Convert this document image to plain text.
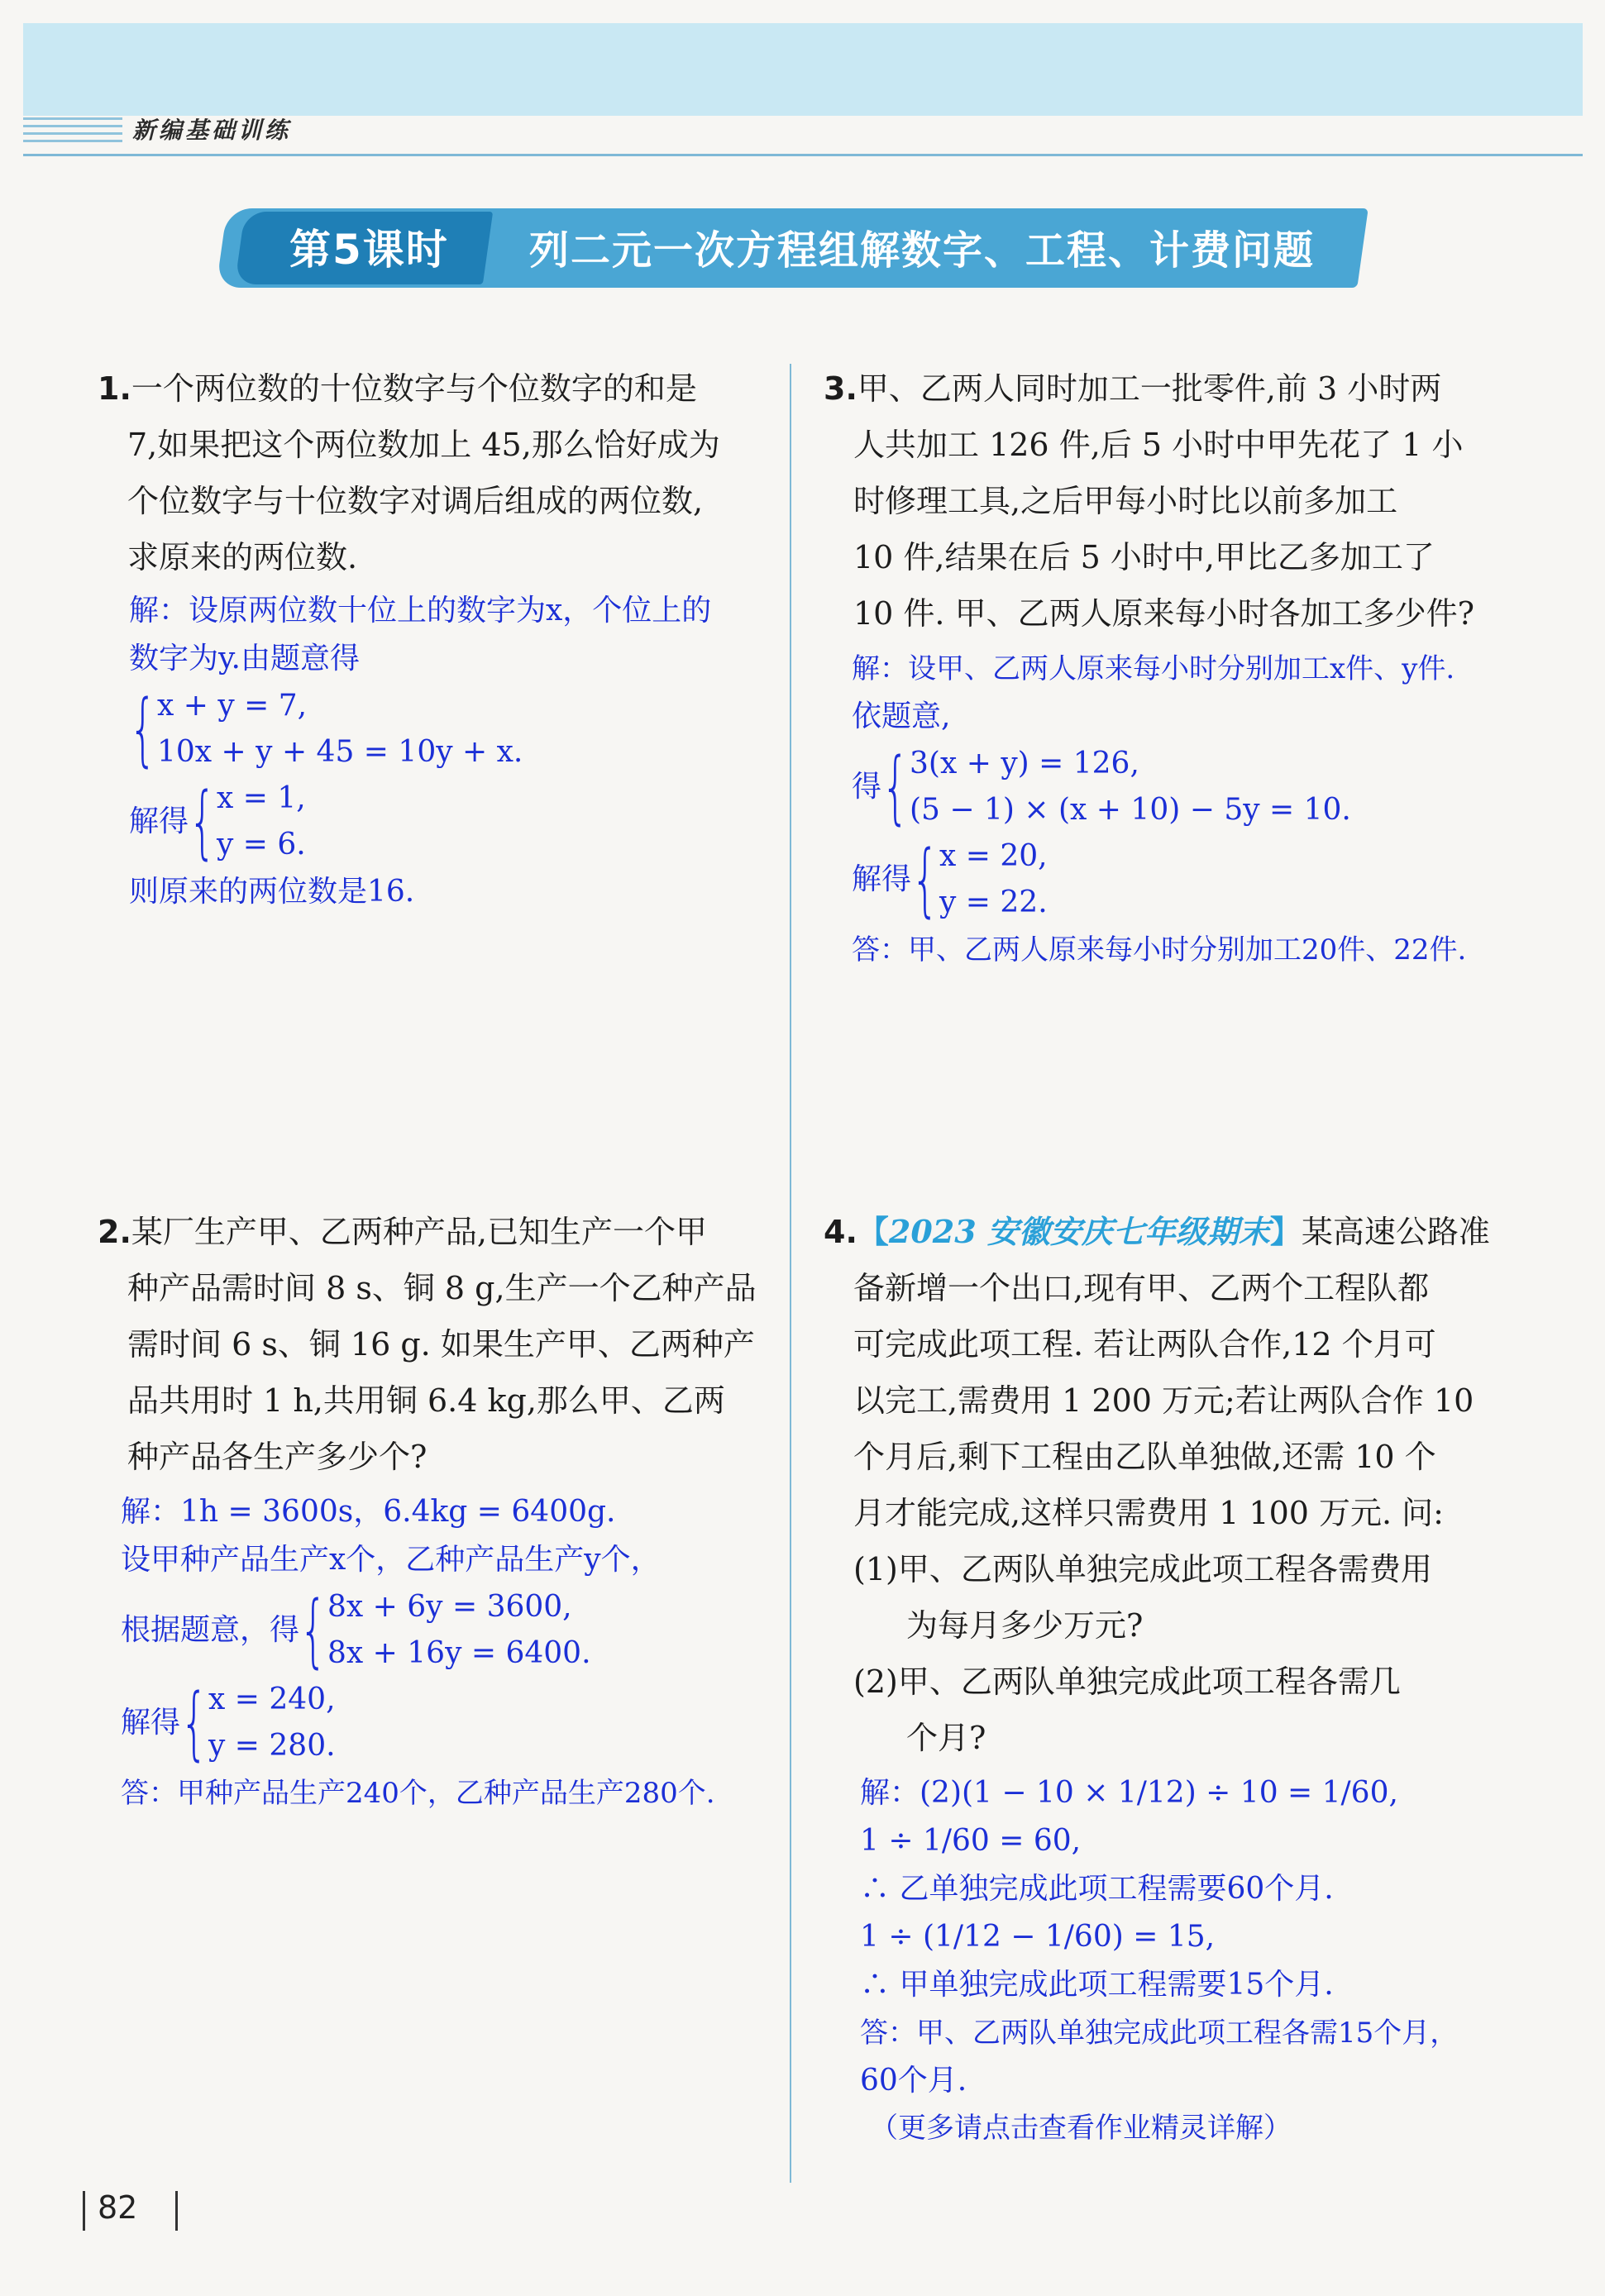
新编基础训练
第5课时 列二元一次方程组解数字、工程、计费问题
1.一个两位数的十位数字与个位数字的和是
7,如果把这个两位数加上 45,那么恰好成为
个位数字与十位数字对调后组成的两位数,
求原来的两位数.
解：设原两位数十位上的数字为x，个位上的
数字为y.由题意得
{ x + y = 7,
10x + y + 45 = 10y + x.
解得 { x = 1,
y = 6.
则原来的两位数是16.
2.某厂生产甲、乙两种产品,已知生产一个甲
种产品需时间 8 s、铜 8 g,生产一个乙种产品
需时间 6 s、铜 16 g. 如果生产甲、乙两种产
品共用时 1 h,共用铜 6.4 kg,那么甲、乙两
种产品各生产多少个?
解：1h = 3600s，6.4kg = 6400g.
设甲种产品生产x个，乙种产品生产y个，
根据题意，得 { 8x + 6y = 3600,
8x + 16y = 6400.
解得 { x = 240,
y = 280.
答：甲种产品生产240个，乙种产品生产280个.
3.甲、乙两人同时加工一批零件,前 3 小时两
人共加工 126 件,后 5 小时中甲先花了 1 小
时修理工具,之后甲每小时比以前多加工
10 件,结果在后 5 小时中,甲比乙多加工了
10 件. 甲、乙两人原来每小时各加工多少件?
解：设甲、乙两人原来每小时分别加工x件、y件.
依题意,
得 { 3(x + y) = 126,
(5 − 1) × (x + 10) − 5y = 10.
解得 { x = 20,
y = 22.
答：甲、乙两人原来每小时分别加工20件、22件.
4.【2023 安徽安庆七年级期末】某高速公路准
备新增一个出口,现有甲、乙两个工程队都
可完成此项工程. 若让两队合作,12 个月可
以完工,需费用 1 200 万元;若让两队合作 10
个月后,剩下工程由乙队单独做,还需 10 个
月才能完成,这样只需费用 1 100 万元. 问:
(1)甲、乙两队单独完成此项工程各需费用
为每月多少万元?
(2)甲、乙两队单独完成此项工程各需几
个月?
解：(2)(1 − 10 × 1/12) ÷ 10 = 1/60,
1 ÷ 1/60 = 60,
∴ 乙单独完成此项工程需要60个月.
1 ÷ (1/12 − 1/60) = 15,
∴ 甲单独完成此项工程需要15个月.
答：甲、乙两队单独完成此项工程各需15个月，
60个月.
（更多请点击查看作业精灵详解）
82
